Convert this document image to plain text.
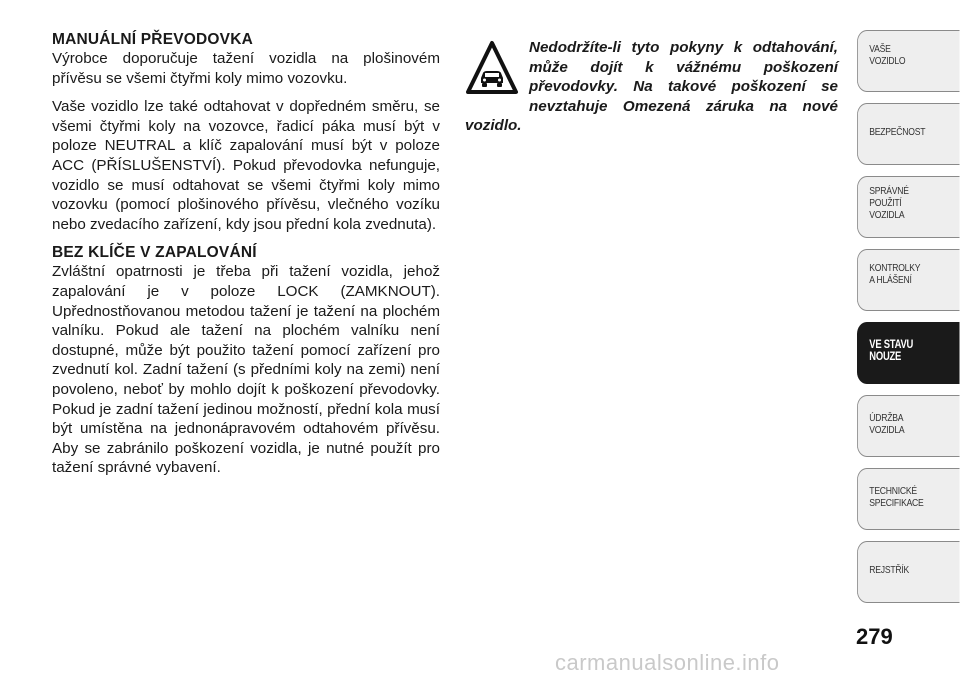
MANUÁLNÍ PŘEVODOVKA

Výrobce doporučuje tažení vozidla na plošinovém přívěsu se všemi čtyřmi koly mimo vozovku.

Vaše vozidlo lze také odtahovat v dopředném směru, se všemi čtyřmi koly na vozovce, řadicí páka musí být v poloze NEUTRAL a klíč zapalování musí být v poloze ACC (PŘÍSLUŠENSTVÍ). Pokud převodovka nefunguje, vozidlo se musí odtahovat se všemi čtyřmi koly mimo vozovku (pomocí plošinového přívěsu, vlečného vozíku nebo zvedacího zařízení, kdy jsou přední kola zvednuta).

BEZ KLÍČE V ZAPALOVÁNÍ

Zvláštní opatrnosti je třeba při tažení vozidla, jehož zapalování je v poloze LOCK (ZAMKNOUT). Upřednostňovanou metodou tažení je tažení na plochém valníku. Pokud ale tažení na plochém valníku není dostupné, může být použito tažení pomocí zařízení pro zvednutí kol. Zadní tažení (s předními koly na zemi) není povoleno, neboť by mohlo dojít k poškození převodovky. Pokud je zadní tažení jedinou možností, přední kola musí být umístěna na jednonápravovém odtahovém přívěsu. Aby se zabránilo poškození vozidla, je nutné použít pro tažení správné vybavení.

Nedodržíte-li tyto pokyny k odtahování, může dojít k vážnému poškození převodovky. Na takové poškození se nevztahuje Omezená záruka na nové vozidlo.

VAŠE
VOZIDLO
BEZPEČNOST
SPRÁVNÉ
POUŽITÍ
VOZIDLA
KONTROLKY
A HLÁŠENÍ
VE STAVU
NOUZE
ÚDRŽBA
VOZIDLA
TECHNICKÉ
SPECIFIKACE
REJSTŘÍK
279
carmanualsonline.info
